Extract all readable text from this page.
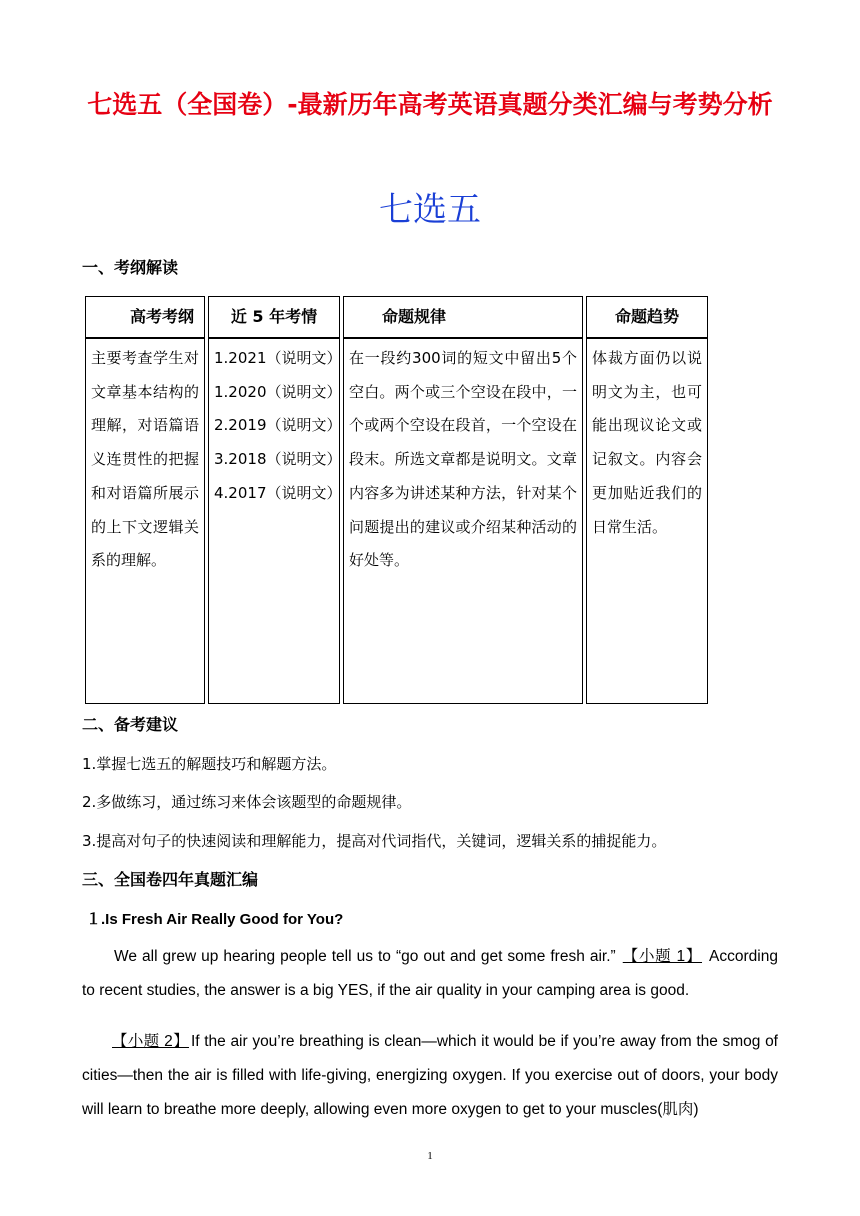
七选五（全国卷）-最新历年高考英语真题分类汇编与考势分析
七选五
一、考纲解读
高考考纲	近 5 年考情	命题规律	命题趋势

主要考查学生对文章基本结构的理解，对语篇语义连贯性的把握和对语篇所展示的上下文逻辑关系的理解。	1.2021（说明文）
1.2020（说明文）
2.2019（说明文）
3.2018（说明文）
4.2017（说明文）	在一段约300词的短文中留出5个空白。两个或三个空设在段中，一个或两个空设在段首，一个空设在段末。所选文章都是说明文。文章内容多为讲述某种方法，针对某个问题提出的建议或介绍某种活动的好处等。	体裁方面仍以说明文为主，也可能出现议论文或记叙文。内容会更加贴近我们的日常生活。
二、备考建议
1.掌握七选五的解题技巧和解题方法。
2.多做练习，通过练习来体会该题型的命题规律。
3.提高对句子的快速阅读和理解能力，提高对代词指代，关键词，逻辑关系的捕捉能力。
三、全国卷四年真题汇编
１.Is Fresh Air Really Good for You?
We all grew up hearing people tell us to “go out and get some fresh air.” 【小题 1】 According to recent studies, the answer is a big YES, if the air quality in your camping area is good.
【小题 2】 If the air you’re breathing is clean—which it would be if you’re away from the smog of cities—then the air is filled with life-giving, energizing oxygen. If you exercise out of doors, your body will learn to breathe more deeply, allowing even more oxygen to get to your muscles(肌肉)
1
